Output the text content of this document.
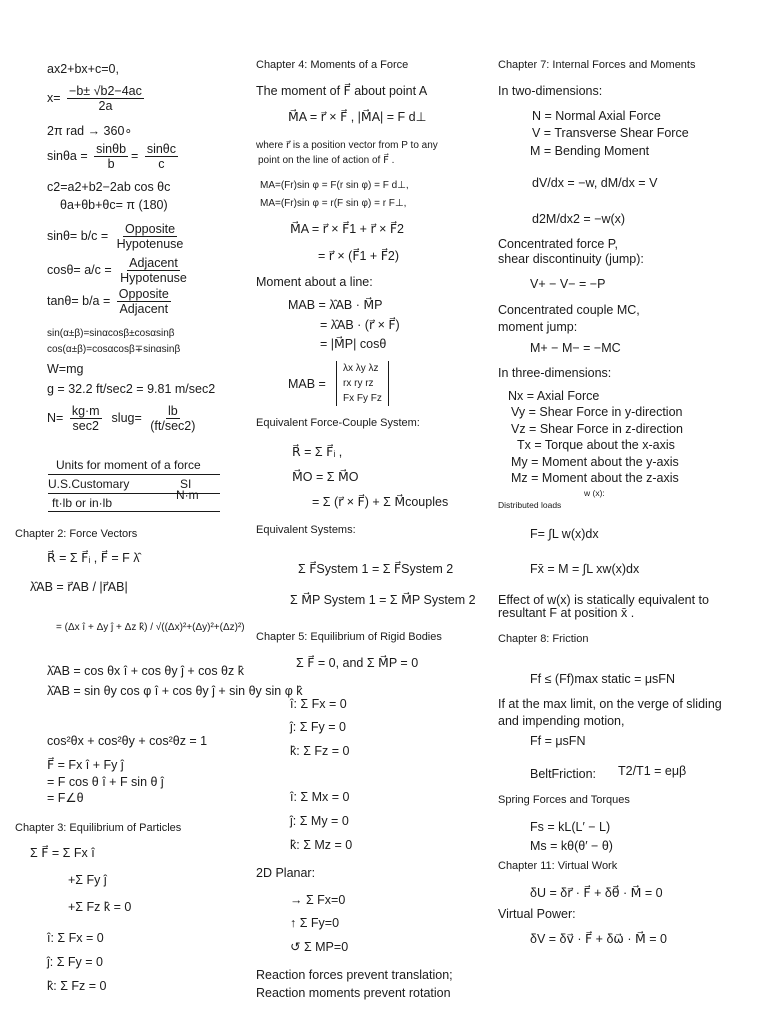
ax2+bx+c=0,
$x= \frac{-b\pm √b2-4ac}{2a}$
2π rad → 360∘
$\sin\theta a = \frac{\sin\theta b}{b} = \frac{\sin\theta c}{c}$
c2=a2+b2−2ab cos θc
θa+θb+θc= π (180)
$\sin\theta= b/c = \frac{\text{Opposite}}{\text{Hypotenuse}}$
$\cos\theta= a/c = \frac{\text{Adjacent}}{\text{Hypotenuse}}$
$\tan\theta= b/a = \frac{\text{Opposite}}{\text{Adjacent}}$
sin(α±β)=sinαcosβ±cosαsinβ
cos(α±β)=cosαcosβ∓sinαsinβ
W=mg
g = 32.2 ft/sec2 = 9.81 m/sec2
$N= \frac{kg\cdot m}{\sec 2}$ slug= $\frac{lb}{(ft/\sec 2)}$
Units for moment of a force
U.S.Customary	SI
ft·lb or in·lb
N·m
Chapter 2: Force Vectors
R⃗ = Σ F⃗ᵢ , F⃗ = F λ̂
λ̂AB = r⃗AB / |r⃗AB|
= (Δx î + Δy ĵ + Δz k̂) / √((Δx)²+(Δy)²+(Δz)²)
λ̂AB = cos θx î + cos θy ĵ + cos θz k̂
λ̂AB = sin θy cos φ î + cos θy ĵ + sin θy sin φ k̂
cos²θx + cos²θy + cos²θz = 1
F⃗ = Fx î + Fy ĵ
= F cos θ î + F sin θ ĵ
= F∠θ
Chapter 3: Equilibrium of Particles
Σ F⃗ = Σ Fx î
+Σ Fy ĵ
+Σ Fz k̂ = 0
î: Σ Fx = 0
ĵ: Σ Fy = 0
k̂: Σ Fz = 0
Chapter 4: Moments of a Force
The moment of F⃗ about point A
M⃗A = r⃗ × F⃗ , |M⃗A| = F d⊥
where r⃗ is a position vector from P to any
point on the line of action of F⃗ .
MA=(Fr)sin φ = F(r sin φ) = F d⊥,
MA=(Fr)sin φ = r(F sin φ) = r F⊥,
M⃗A = r⃗ × F⃗1 + r⃗ × F⃗2
= r⃗ × (F⃗1 + F⃗2)
Moment about a line:
MAB = λ̂AB · M⃗P
= λ̂AB · (r⃗ × F⃗)
= |M⃗P| cosθ
MAB =
λx λy λz
rx ry rz
Fx Fy Fz
Equivalent Force-Couple System:
R⃗ = Σ F⃗ᵢ ,
M⃗O = Σ M⃗O
= Σ (r⃗ × F⃗) + Σ M⃗couples
Equivalent Systems:
Σ F⃗System 1 = Σ F⃗System 2
Σ M⃗P System 1 = Σ M⃗P System 2
Chapter 5: Equilibrium of Rigid Bodies
Σ F⃗ = 0, and Σ M⃗P = 0
î: Σ Fx = 0
ĵ: Σ Fy = 0
k̂: Σ Fz = 0
î: Σ Mx = 0
ĵ: Σ My = 0
k̂: Σ Mz = 0
2D Planar:
→ Σ Fx=0
↑ Σ Fy=0
↺ Σ MP=0
Reaction forces prevent translation;
Reaction moments prevent rotation
Chapter 7: Internal Forces and Moments
In two-dimensions:
N = Normal Axial Force
V = Transverse Shear Force
M = Bending Moment
dV/dx = −w, dM/dx = V
d2M/dx2 = −w(x)
Concentrated force P,
shear discontinuity (jump):
V+ − V− = −P
Concentrated couple MC,
moment jump:
M+ − M− = −MC
In three-dimensions:
Nx = Axial Force
Vy = Shear Force in y-direction
Vz = Shear Force in z-direction
Tx = Torque about the x-axis
My = Moment about the y-axis
Mz = Moment about the z-axis
w (x):
Distributed loads
F= ∫L w(x)dx
Fx̄ = M = ∫L xw(x)dx
Effect of w(x) is statically equivalent to
resultant F at position x̄ .
Chapter 8: Friction
Ff ≤ (Ff)max static = μsFN
If at the max limit, on the verge of sliding
and impending motion,
Ff = μsFN
BeltFriction: T2/T1 = eμβ
Spring Forces and Torques
Fs = kL(L′ − L)
Ms = kθ(θ′ − θ)
Chapter 11: Virtual Work
δU = δr⃗ · F⃗ + δθ⃗ · M⃗ = 0
Virtual Power:
δV = δv⃗ · F⃗ + δω⃗ · M⃗ = 0
